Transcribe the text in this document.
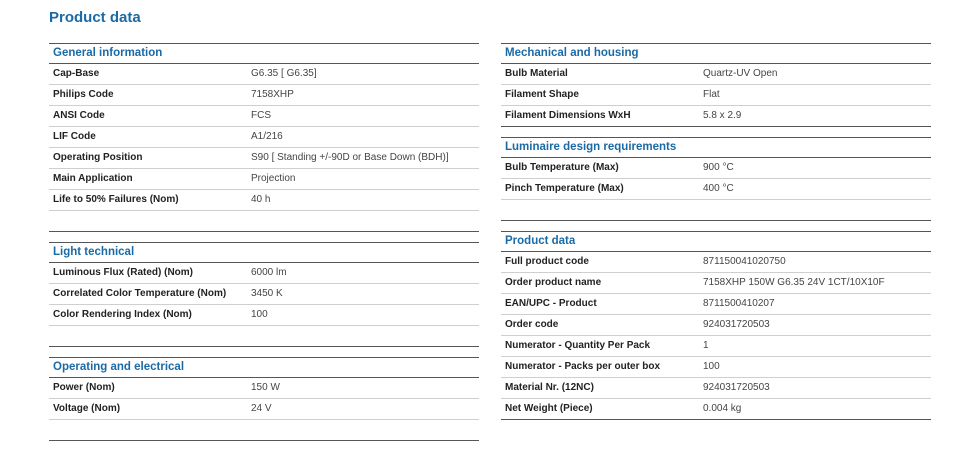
Product data
General information
Cap-Base	G6.35 [ G6.35]
Philips Code	7158XHP
ANSI Code	FCS
LIF Code	A1/216
Operating Position	S90 [ Standing +/-90D or Base Down (BDH)]
Main Application	Projection
Life to 50% Failures (Nom)	40 h
Light technical
Luminous Flux (Rated) (Nom)	6000 lm
Correlated Color Temperature (Nom)	3450 K
Color Rendering Index (Nom)	100
Operating and electrical
Power (Nom)	150 W
Voltage (Nom)	24 V
Mechanical and housing
Bulb Material	Quartz-UV Open
Filament Shape	Flat
Filament Dimensions WxH	5.8 x 2.9
Luminaire design requirements
Bulb Temperature (Max)	900 °C
Pinch Temperature (Max)	400 °C
Product data
Full product code	871150041020750
Order product name	7158XHP 150W G6.35 24V 1CT/10X10F
EAN/UPC - Product	8711500410207
Order code	924031720503
Numerator - Quantity Per Pack	1
Numerator - Packs per outer box	100
Material Nr. (12NC)	924031720503
Net Weight (Piece)	0.004 kg
